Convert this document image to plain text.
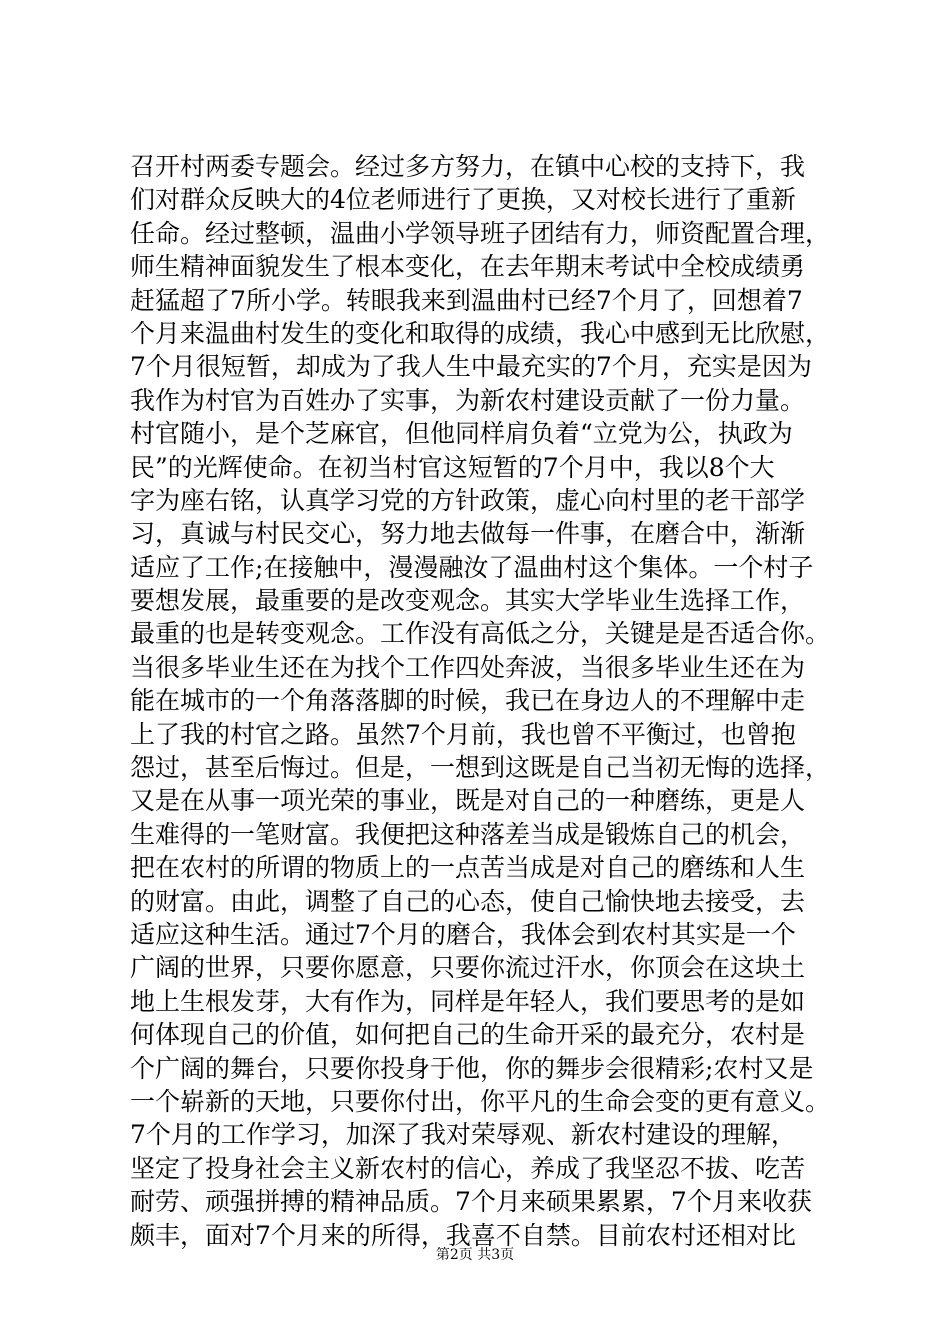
召开村两委专题会。经过多方努力，在镇中心校的支持下，我
们对群众反映大的4位老师进行了更换，又对校长进行了重新
任命。经过整顿，温曲小学领导班子团结有力，师资配置合理，
师生精神面貌发生了根本变化，在去年期末考试中全校成绩勇
赶猛超了7所小学。转眼我来到温曲村已经7个月了，回想着7
个月来温曲村发生的变化和取得的成绩，我心中感到无比欣慰，
7个月很短暂，却成为了我人生中最充实的7个月，充实是因为
我作为村官为百姓办了实事，为新农村建设贡献了一份力量。
村官随小，是个芝麻官，但他同样肩负着“立党为公，执政为
民”的光辉使命。在初当村官这短暂的7个月中，我以8个大
字为座右铭，认真学习党的方针政策，虚心向村里的老干部学
习，真诚与村民交心，努力地去做每一件事，在磨合中，渐渐
适应了工作;在接触中，漫漫融汝了温曲村这个集体。一个村子
要想发展，最重要的是改变观念。其实大学毕业生选择工作，
最重的也是转变观念。工作没有高低之分，关键是是否适合你。
当很多毕业生还在为找个工作四处奔波，当很多毕业生还在为
能在城市的一个角落落脚的时候，我已在身边人的不理解中走
上了我的村官之路。虽然7个月前，我也曾不平衡过，也曾抱
怨过，甚至后悔过。但是，一想到这既是自己当初无悔的选择，
又是在从事一项光荣的事业，既是对自己的一种磨练，更是人
生难得的一笔财富。我便把这种落差当成是锻炼自己的机会，
把在农村的所谓的物质上的一点苦当成是对自己的磨练和人生
的财富。由此，调整了自己的心态，使自己愉快地去接受，去
适应这种生活。通过7个月的磨合，我体会到农村其实是一个
广阔的世界，只要你愿意，只要你流过汗水，你顶会在这块土
地上生根发芽，大有作为，同样是年轻人，我们要思考的是如
何体现自己的价值，如何把自己的生命开采的最充分，农村是
个广阔的舞台，只要你投身于他，你的舞步会很精彩;农村又是
一个崭新的天地，只要你付出，你平凡的生命会变的更有意义。
7个月的工作学习，加深了我对荣辱观、新农村建设的理解，
坚定了投身社会主义新农村的信心，养成了我坚忍不拔、吃苦
耐劳、顽强拼搏的精神品质。7个月来硕果累累，7个月来收获
颇丰，面对7个月来的所得，我喜不自禁。目前农村还相对比
第2页 共3页
